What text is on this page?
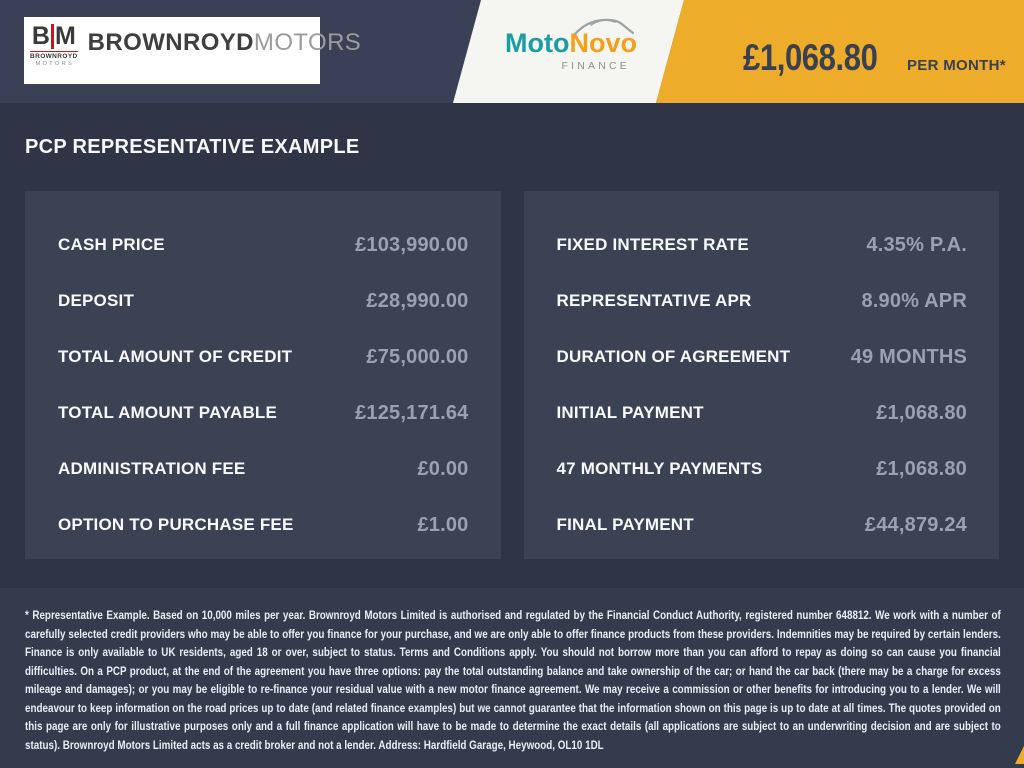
B M
BROWNROYD
MOTORS
BROWNROYDMOTORS	MotoNovo
FINANCE	£1,068.80 PER MONTH*
PCP REPRESENTATIVE EXAMPLE
CASH PRICE	£103,990.00
DEPOSIT	£28,990.00
TOTAL AMOUNT OF CREDIT	£75,000.00
TOTAL AMOUNT PAYABLE	£125,171.64
ADMINISTRATION FEE	£0.00
OPTION TO PURCHASE FEE	£1.00
FIXED INTEREST RATE	4.35% P.A.
REPRESENTATIVE APR	8.90% APR
DURATION OF AGREEMENT	49 MONTHS
INITIAL PAYMENT	£1,068.80
47 MONTHLY PAYMENTS	£1,068.80
FINAL PAYMENT	£44,879.24

* Representative Example. Based on 10,000 miles per year. Brownroyd Motors Limited is authorised and regulated by the Financial Conduct Authority, registered number 648812. We work with a number of carefully selected credit providers who may be able to offer you finance for your purchase, and we are only able to offer finance products from these providers. Indemnities may be required by certain lenders. Finance is only available to UK residents, aged 18 or over, subject to status. Terms and Conditions apply. You should not borrow more than you can afford to repay as doing so can cause you financial difficulties. On a PCP product, at the end of the agreement you have three options: pay the total outstanding balance and take ownership of the car; or hand the car back (there may be a charge for excess mileage and damages); or you may be eligible to re-finance your residual value with a new motor finance agreement. We may receive a commission or other benefits for introducing you to a lender. We will endeavour to keep information on the road prices up to date (and related finance examples) but we cannot guarantee that the information shown on this page is up to date at all times. The quotes provided on this page are only for illustrative purposes only and a full finance application will have to be made to determine the exact details (all applications are subject to an underwriting decision and are subject to status). Brownroyd Motors Limited acts as a credit broker and not a lender. Address: Hardfield Garage, Heywood, OL10 1DL
